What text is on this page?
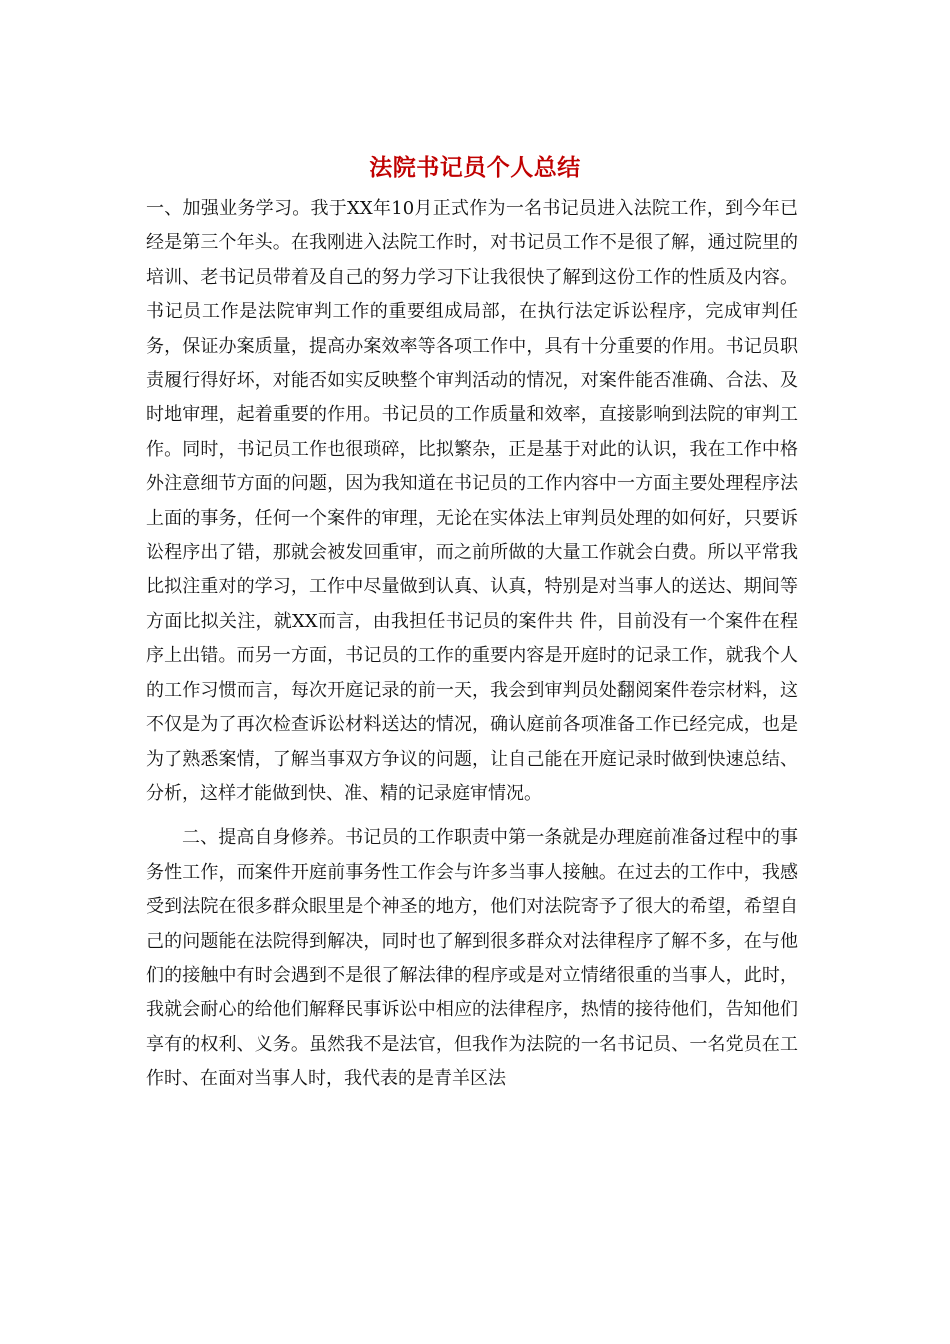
法院书记员个人总结

一、加强业务学习。我于XX年10月正式作为一名书记员进入法院工作，到今年已经是第三个年头。在我刚进入法院工作时，对书记员工作不是很了解，通过院里的培训、老书记员带着及自己的努力学习下让我很快了解到这份工作的性质及内容。 书记员工作是法院审判工作的重要组成局部，在执行法定诉讼程序，完成审判任务，保证办案质量，提高办案效率等各项工作中，具有十分重要的作用。书记员职责履行得好坏，对能否如实反映整个审判活动的情况，对案件能否准确、合法、及时地审理，起着重要的作用。书记员的工作质量和效率，直接影响到法院的审判工作。同时，书记员工作也很琐碎，比拟繁杂，正是基于对此的认识，我在工作中格外注意细节方面的问题，因为我知道在书记员的工作内容中一方面主要处理程序法上面的事务，任何一个案件的审理，无论在实体法上审判员处理的如何好，只要诉讼程序出了错，那就会被发回重审，而之前所做的大量工作就会白费。所以平常我比拟注重对的学习，工作中尽量做到认真、认真，特别是对当事人的送达、期间等方面比拟关注，就XX而言，由我担任书记员的案件共 件，目前没有一个案件在程序上出错。而另一方面，书记员的工作的重要内容是开庭时的记录工作，就我个人的工作习惯而言，每次开庭记录的前一天，我会到审判员处翻阅案件卷宗材料，这不仅是为了再次检查诉讼材料送达的情况，确认庭前各项准备工作已经完成，也是为了熟悉案情，了解当事双方争议的问题，让自己能在开庭记录时做到快速总结、分析，这样才能做到快、准、精的记录庭审情况。

二、提高自身修养。书记员的工作职责中第一条就是办理庭前准备过程中的事务性工作，而案件开庭前事务性工作会与许多当事人接触。在过去的工作中，我感受到法院在很多群众眼里是个神圣的地方，他们对法院寄予了很大的希望，希望自己的问题能在法院得到解决，同时也了解到很多群众对法律程序了解不多，在与他们的接触中有时会遇到不是很了解法律的程序或是对立情绪很重的当事人，此时，我就会耐心的给他们解释民事诉讼中相应的法律程序，热情的接待他们，告知他们享有的权利、义务。虽然我不是法官，但我作为法院的一名书记员、一名党员在工作时、在面对当事人时，我代表的是青羊区法
